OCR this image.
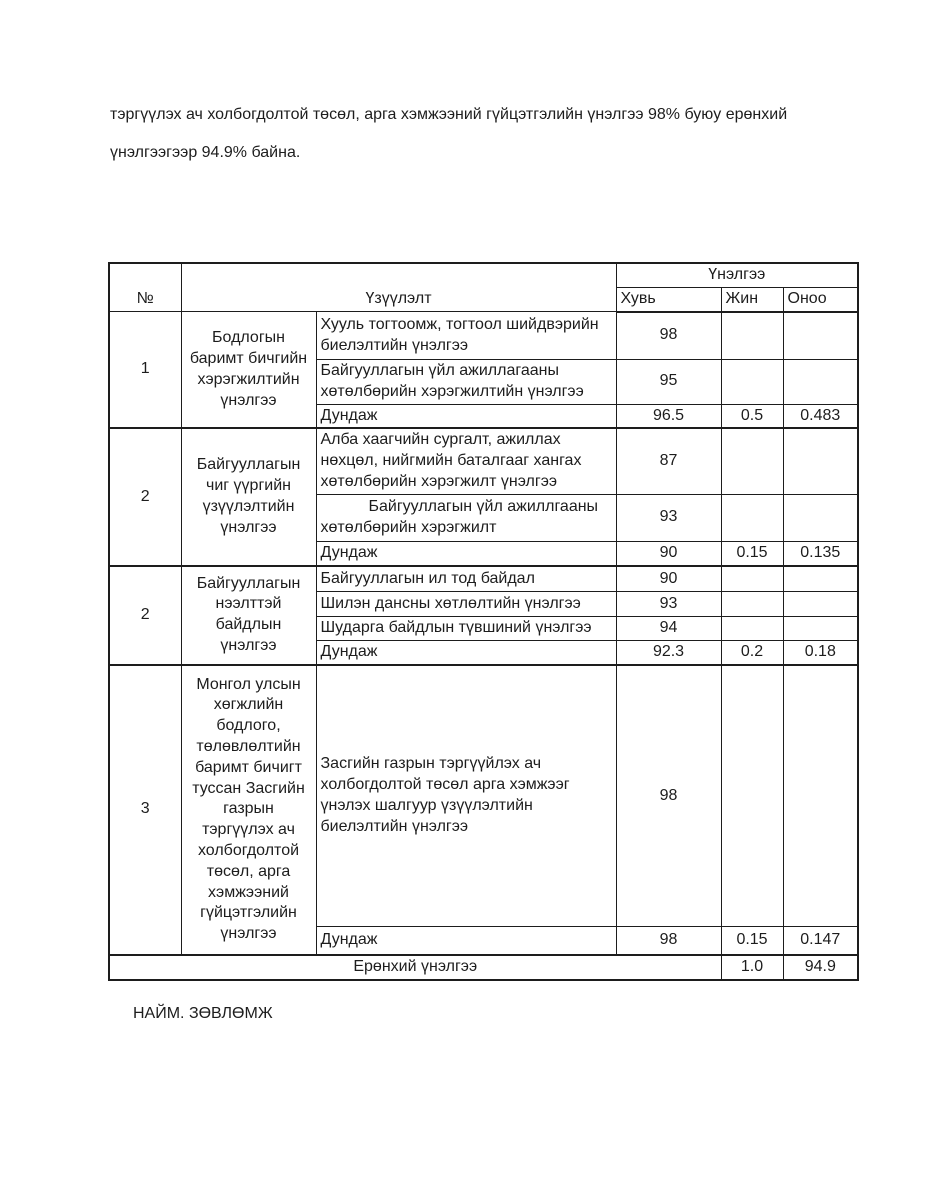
тэргүүлэх ач холбогдолтой төсөл, арга хэмжээний гүйцэтгэлийн үнэлгээ 98% буюу ерөнхий үнэлгээгээр 94.9% байна.

№	Үзүүлэлт		Үнэлгээ		
			Хувь	Жин	Оноо
1	Бодлогын баримт бичгийн хэрэгжилтийн үнэлгээ	Хууль тогтоомж, тогтоол шийдвэрийн биелэлтийн үнэлгээ	98		
		Байгууллагын үйл ажиллагааны хөтөлбөрийн хэрэгжилтийн үнэлгээ	95		
		Дундаж	96.5	0.5	0.483
2	Байгууллагын чиг үүргийн үзүүлэлтийн үнэлгээ	Алба хаагчийн сургалт, ажиллах нөхцөл, нийгмийн баталгааг хангах хөтөлбөрийн хэрэгжилт үнэлгээ	87		
		Байгууллагын үйл ажиллгааны хөтөлбөрийн хэрэгжилт	93		
		Дундаж	90	0.15	0.135
2	Байгууллагын нээлттэй байдлын үнэлгээ	Байгууллагын ил тод байдал	90		
		Шилэн дансны хөтлөлтийн үнэлгээ	93		
		Шударга байдлын түвшиний үнэлгээ	94		
		Дундаж	92.3	0.2	0.18
3	Монгол улсын хөгжлийн бодлого, төлөвлөлтийн баримт бичигт туссан Засгийн газрын тэргүүлэх ач холбогдолтой төсөл, арга хэмжээний гүйцэтгэлийн үнэлгээ	Засгийн газрын тэргүүйлэх ач холбогдолтой төсөл арга хэмжээг үнэлэх шалгуур үзүүлэлтийн биелэлтийн үнэлгээ	98		
		Дундаж	98	0.15	0.147
Ерөнхий үнэлгээ				1.0	94.9
НАЙМ. ЗӨВЛӨМЖ
